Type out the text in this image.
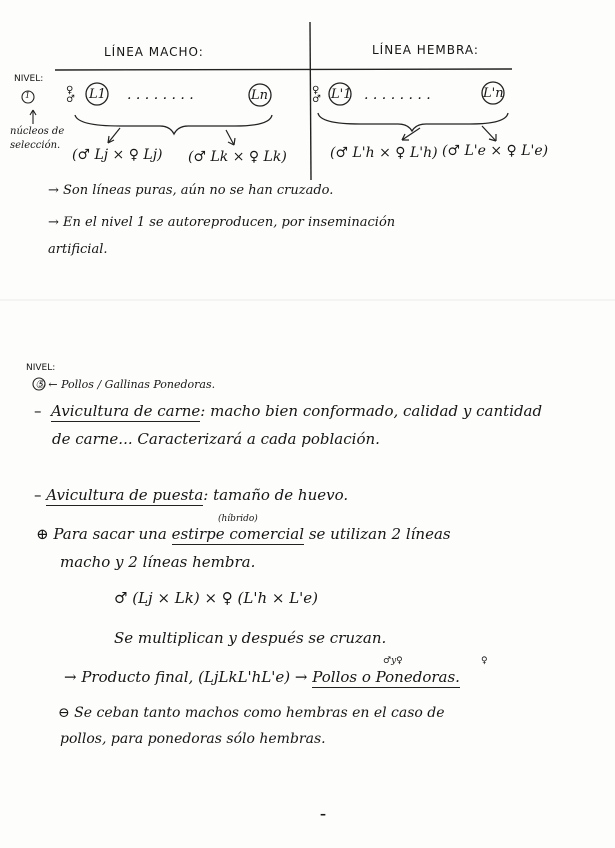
LÍNEA MACHO:	LÍNEA HEMBRA:
NIVEL:
1
núcleos de
selección.
♀ ♂ L1 . . . . . . . .	Ln
(♂ Lj × ♀ Lj) (♂ Lk × ♀ Lk)
♀ ♂ L'1 . . . . . . . .	L'n
(♂ L'h × ♀ L'h) (♂ L'e × ♀ L'e)
→ Son líneas puras, aún no se han cruzado.
→ En el nivel 1 se autoreproducen, por inseminación
artificial.
NIVEL:
⑤ ← Pollos / Gallinas Ponedoras.
–  Avicultura de carne: macho bien conformado, calidad y cantidad
de carne... Caracterizará a cada población.
– Avicultura de puesta: tamaño de huevo.
(híbrido)
⊕ Para sacar una estirpe comercial se utilizan 2 líneas
macho y 2 líneas hembra.
♂ (Lj × Lk) × ♀ (L'h × L'e)
Se multiplican y después se cruzan.
♂y♀	♀
→ Producto final, (LjLkL'hL'e) → Pollos o Ponedoras.
⊖ Se ceban tanto machos como hembras en el caso de
pollos, para ponedoras sólo hembras.
–
